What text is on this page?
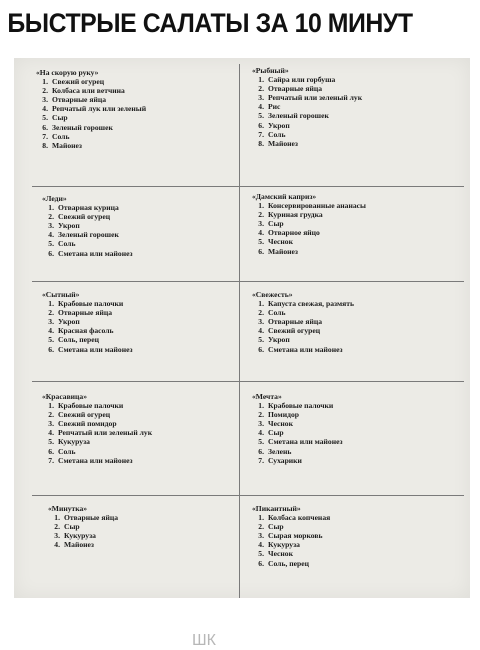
БЫСТРЫЕ САЛАТЫ ЗА 10 МИНУТ
«На скорую руку»
1. Свежий огурец
2. Колбаса или ветчина
3. Отварные яйца
4. Репчатый лук или зеленый
5. Сыр
6. Зеленый горошек
7. Соль
8. Майонез
«Рыбный»
1. Сайра или горбуша
2. Отварные яйца
3. Репчатый или зеленый лук
4. Рис
5. Зеленый горошек
6. Укроп
7. Соль
8. Майонез
«Леди»
1. Отварная курица
2. Свежий огурец
3. Укроп
4. Зеленый горошек
5. Соль
6. Сметана или майонез
«Дамский каприз»
1. Консервированные ананасы
2. Куриная грудка
3. Сыр
4. Отварное яйцо
5. Чеснок
6. Майонез
«Сытный»
1. Крабовые палочки
2. Отварные яйца
3. Укроп
4. Красная фасоль
5. Соль, перец
6. Сметана или майонез
«Свежесть»
1. Капуста свежая, размять
2. Соль
3. Отварные яйца
4. Свежий огурец
5. Укроп
6. Сметана или майонез
«Красавица»
1. Крабовые палочки
2. Свежий огурец
3. Свежий помидор
4. Репчатый или зеленый лук
5. Кукуруза
6. Соль
7. Сметана или майонез
«Мечта»
1. Крабовые палочки
2. Помидор
3. Чеснок
4. Сыр
5. Сметана или майонез
6. Зелень
7. Сухарики
«Минутка»
1. Отварные яйца
2. Сыр
3. Кукуруза
4. Майонез
«Пикантный»
1. Колбаса копченая
2. Сыр
3. Сырая морковь
4. Кукуруза
5. Чеснок
6. Соль, перец
ШК
